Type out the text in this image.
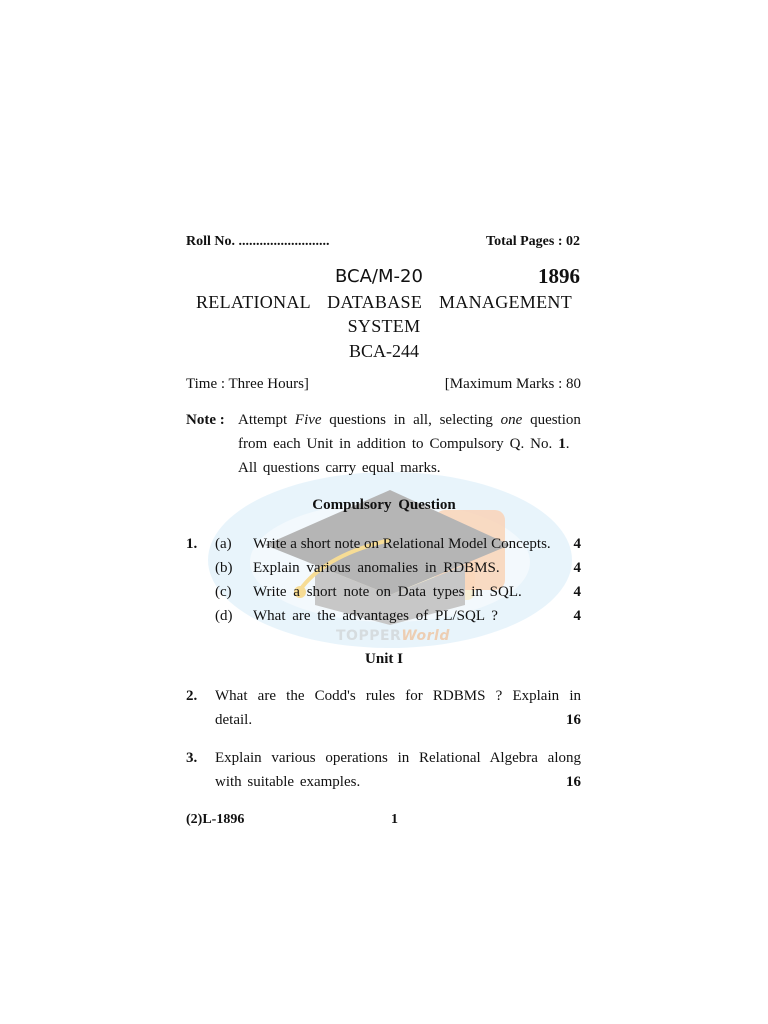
TOPPERWorld
Roll No. ..........................	Total Pages : 02
BCA/M-20	1896
RELATIONAL DATABASE MANAGEMENT
SYSTEM
BCA-244
Time : Three Hours]	[Maximum Marks : 80
Note : Attempt Five questions in all, selecting one question
from each Unit in addition to Compulsory Q. No. 1.
All questions carry equal marks.
Compulsory Question
1. (a) Write a short note on Relational Model Concepts. 4
(b) Explain various anomalies in RDBMS.	4
(c) Write a short note on Data types in SQL.	4
(d) What are the advantages of PL/SQL ?	4
Unit I
2. What are the Codd's rules for RDBMS ? Explain in
detail.	16
3. Explain various operations in Relational Algebra along
with suitable examples.	16
(2)L-1896	1
